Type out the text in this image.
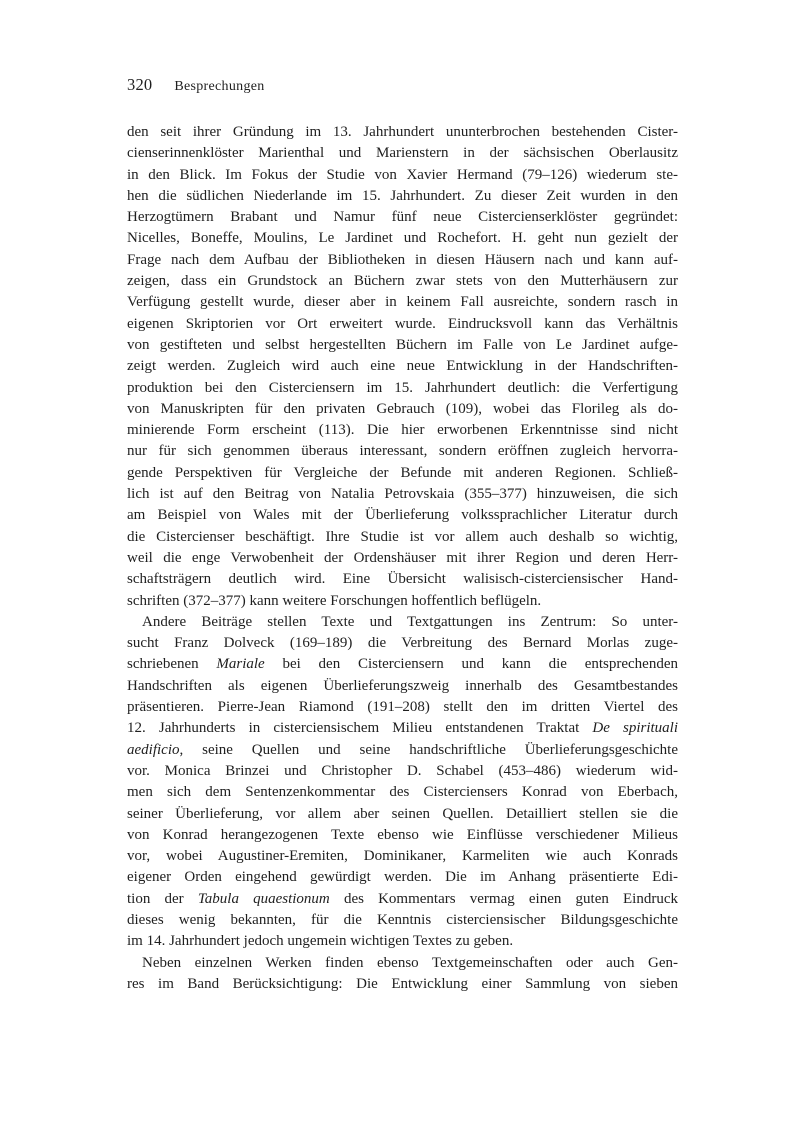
320 Besprechungen
den seit ihrer Gründung im 13. Jahrhundert ununterbrochen bestehenden Cister-
cienserinnenklöster Marienthal und Marienstern in der sächsischen Oberlausitz
in den Blick. Im Fokus der Studie von Xavier Hermand (79–126) wiederum ste-
hen die südlichen Niederlande im 15. Jahrhundert. Zu dieser Zeit wurden in den
Herzogtümern Brabant und Namur fünf neue Cistercienserklöster gegründet:
Nicelles, Boneffe, Moulins, Le Jardinet und Rochefort. H. geht nun gezielt der
Frage nach dem Aufbau der Bibliotheken in diesen Häusern nach und kann auf-
zeigen, dass ein Grundstock an Büchern zwar stets von den Mutterhäusern zur
Verfügung gestellt wurde, dieser aber in keinem Fall ausreichte, sondern rasch in
eigenen Skriptorien vor Ort erweitert wurde. Eindrucksvoll kann das Verhältnis
von gestifteten und selbst hergestellten Büchern im Falle von Le Jardinet aufge-
zeigt werden. Zugleich wird auch eine neue Entwicklung in der Handschriften-
produktion bei den Cisterciensern im 15. Jahrhundert deutlich: die Verfertigung
von Manuskripten für den privaten Gebrauch (109), wobei das Florileg als do-
minierende Form erscheint (113). Die hier erworbenen Erkenntnisse sind nicht
nur für sich genommen überaus interessant, sondern eröffnen zugleich hervorra-
gende Perspektiven für Vergleiche der Befunde mit anderen Regionen. Schließ-
lich ist auf den Beitrag von Natalia Petrovskaia (355–377) hinzuweisen, die sich
am Beispiel von Wales mit der Überlieferung volkssprachlicher Literatur durch
die Cistercienser beschäftigt. Ihre Studie ist vor allem auch deshalb so wichtig,
weil die enge Verwobenheit der Ordenshäuser mit ihrer Region und deren Herr-
schaftsträgern deutlich wird. Eine Übersicht walisisch-cisterciensischer Hand-
schriften (372–377) kann weitere Forschungen hoffentlich beflügeln.
Andere Beiträge stellen Texte und Textgattungen ins Zentrum: So unter-
sucht Franz Dolveck (169–189) die Verbreitung des Bernard Morlas zuge-
schriebenen Mariale bei den Cisterciensern und kann die entsprechenden
Handschriften als eigenen Überlieferungszweig innerhalb des Gesamtbestandes
präsentieren. Pierre-Jean Riamond (191–208) stellt den im dritten Viertel des
12. Jahrhunderts in cisterciensischem Milieu entstandenen Traktat De spirituali
aedificio, seine Quellen und seine handschriftliche Überlieferungsgeschichte
vor. Monica Brinzei und Christopher D. Schabel (453–486) wiederum wid-
men sich dem Sentenzenkommentar des Cisterciensers Konrad von Eberbach,
seiner Überlieferung, vor allem aber seinen Quellen. Detailliert stellen sie die
von Konrad herangezogenen Texte ebenso wie Einflüsse verschiedener Milieus
vor, wobei Augustiner-Eremiten, Dominikaner, Karmeliten wie auch Konrads
eigener Orden eingehend gewürdigt werden. Die im Anhang präsentierte Edi-
tion der Tabula quaestionum des Kommentars vermag einen guten Eindruck
dieses wenig bekannten, für die Kenntnis cisterciensischer Bildungsgeschichte
im 14. Jahrhundert jedoch ungemein wichtigen Textes zu geben.
Neben einzelnen Werken finden ebenso Textgemeinschaften oder auch Gen-
res im Band Berücksichtigung: Die Entwicklung einer Sammlung von sieben
